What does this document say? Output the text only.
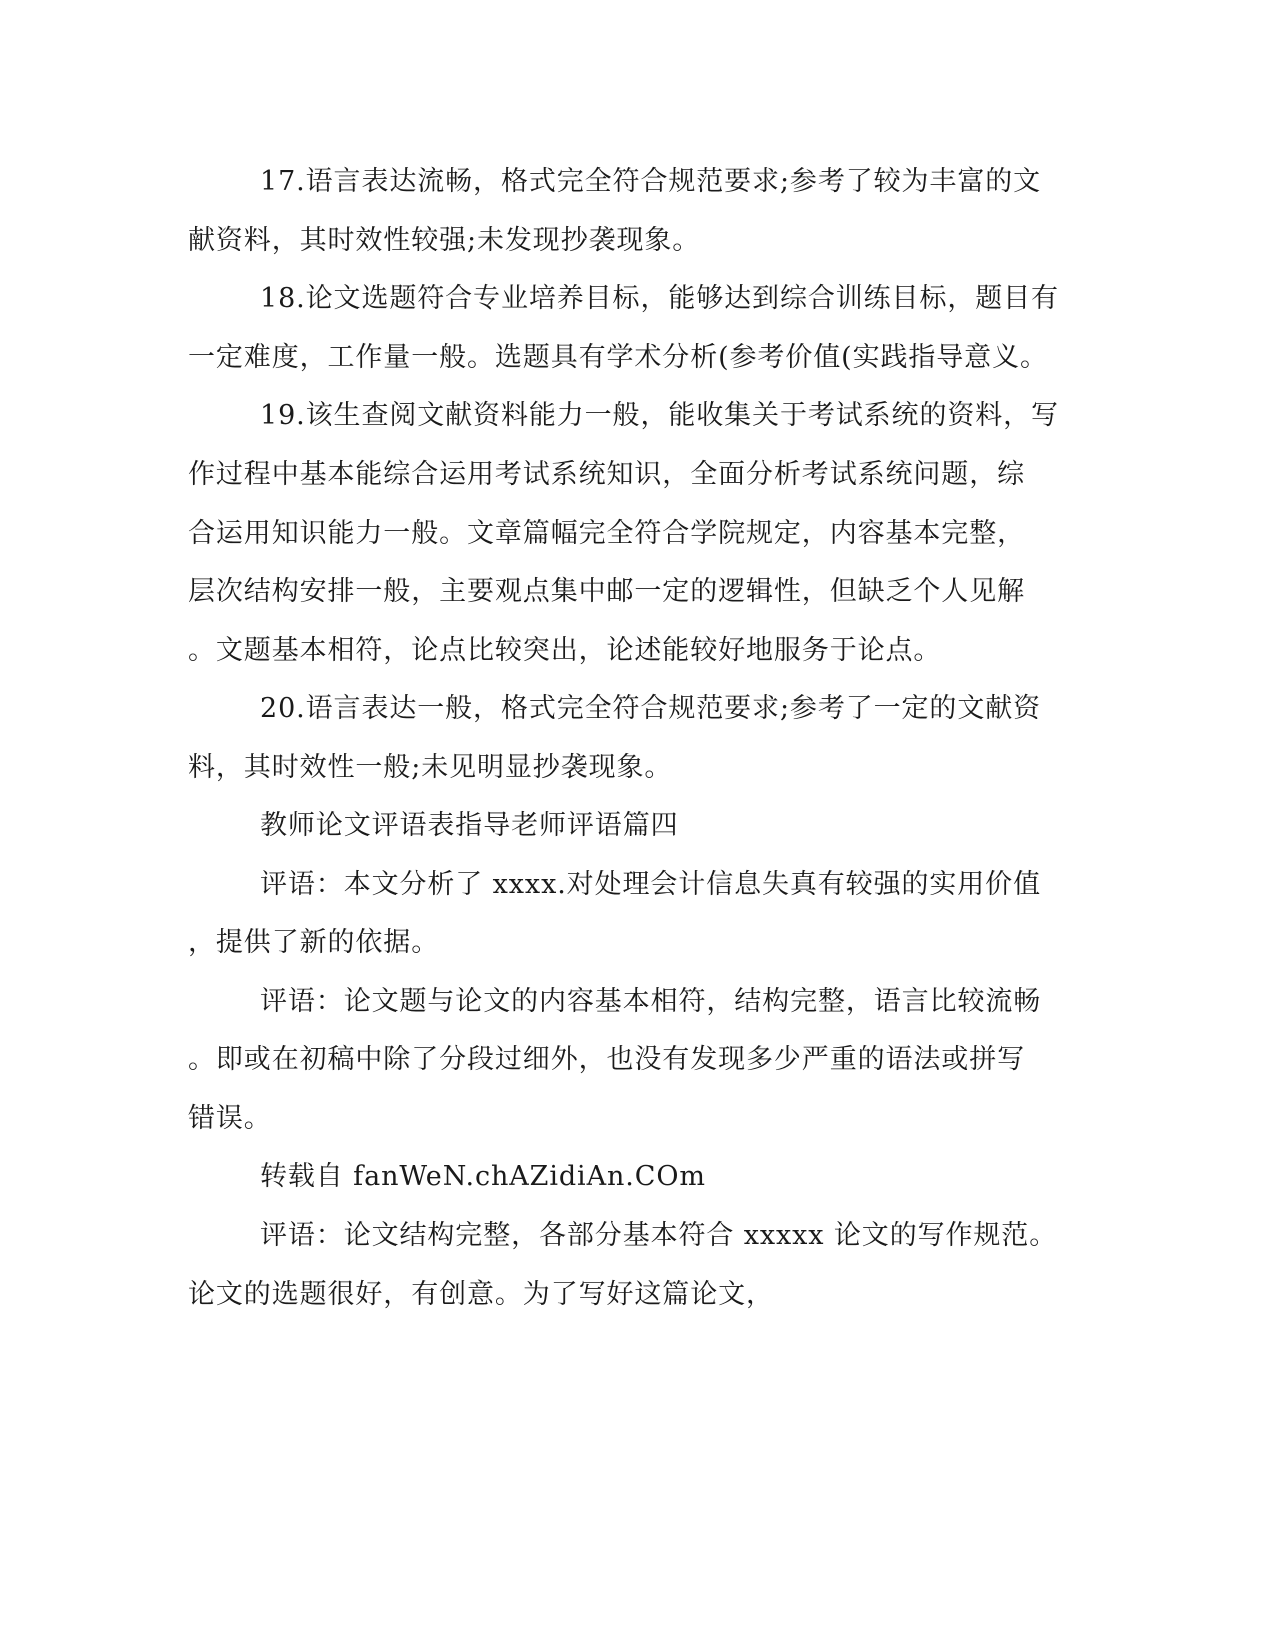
17.语言表达流畅，格式完全符合规范要求;参考了较为丰富的文
献资料，其时效性较强;未发现抄袭现象。
18.论文选题符合专业培养目标，能够达到综合训练目标，题目有
一定难度，工作量一般。选题具有学术分析(参考价值(实践指导意义。
19.该生查阅文献资料能力一般，能收集关于考试系统的资料，写
作过程中基本能综合运用考试系统知识，全面分析考试系统问题，综
合运用知识能力一般。文章篇幅完全符合学院规定，内容基本完整，
层次结构安排一般，主要观点集中邮一定的逻辑性，但缺乏个人见解
。文题基本相符，论点比较突出，论述能较好地服务于论点。
20.语言表达一般，格式完全符合规范要求;参考了一定的文献资
料，其时效性一般;未见明显抄袭现象。
教师论文评语表指导老师评语篇四
评语：本文分析了 xxxx.对处理会计信息失真有较强的实用价值
，提供了新的依据。
评语：论文题与论文的内容基本相符，结构完整，语言比较流畅
。即或在初稿中除了分段过细外，也没有发现多少严重的语法或拼写
错误。
转载自 fanWeN.chAZidiAn.COm
评语：论文结构完整，各部分基本符合 xxxxx 论文的写作规范。
论文的选题很好，有创意。为了写好这篇论文，
